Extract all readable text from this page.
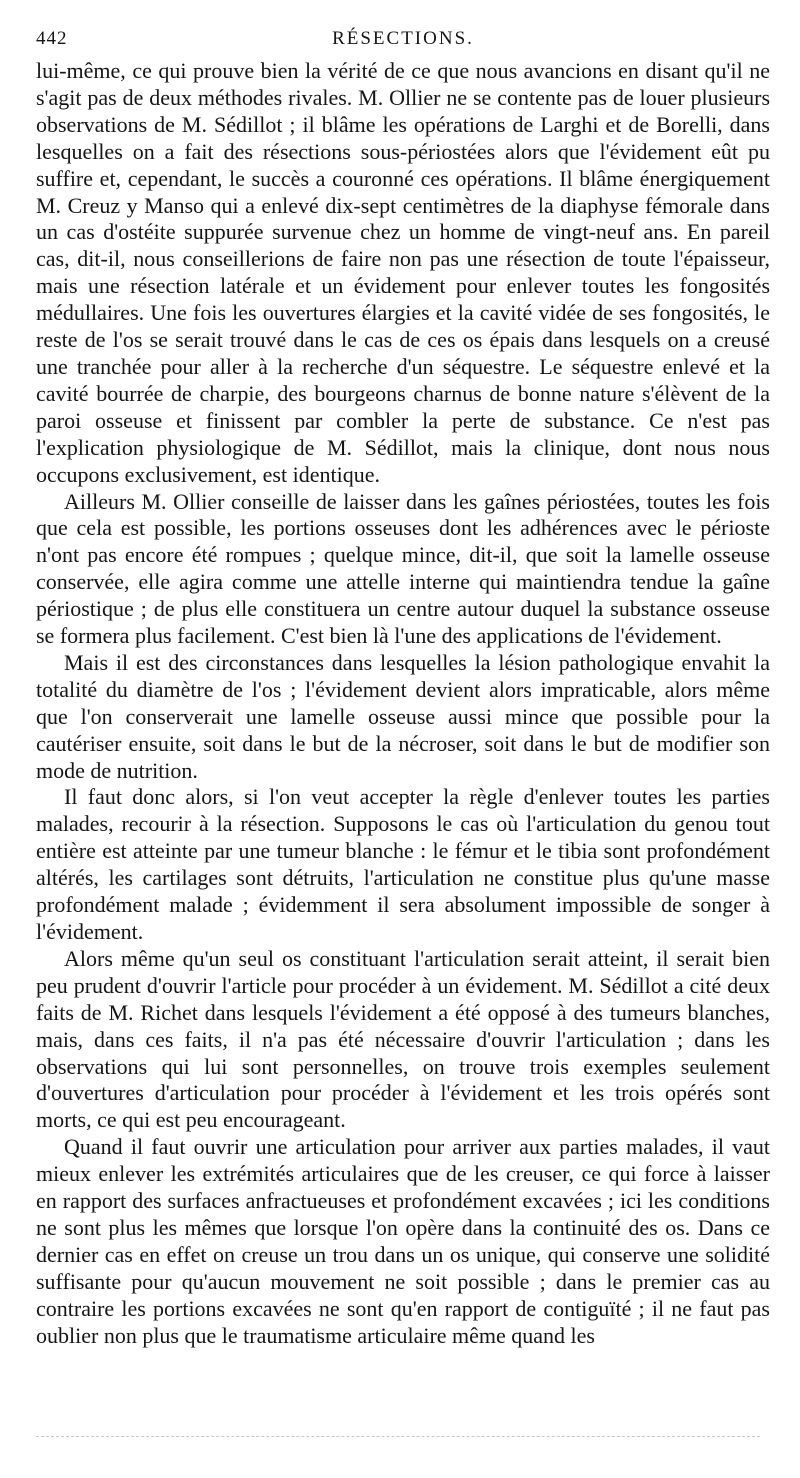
442	RÉSECTIONS.

lui-même, ce qui prouve bien la vérité de ce que nous avancions en disant qu'il ne s'agit pas de deux méthodes rivales. M. Ollier ne se contente pas de louer plusieurs observations de M. Sédillot ; il blâme les opérations de Larghi et de Borelli, dans lesquelles on a fait des résections sous-périostées alors que l'évidement eût pu suffire et, cependant, le succès a couronné ces opérations. Il blâme énergiquement M. Creuz y Manso qui a enlevé dix-sept centimètres de la diaphyse fémorale dans un cas d'ostéite suppurée survenue chez un homme de vingt-neuf ans. En pareil cas, dit-il, nous conseillerions de faire non pas une résection de toute l'épaisseur, mais une résection latérale et un évidement pour enlever toutes les fongosités médullaires. Une fois les ouvertures élargies et la cavité vidée de ses fongosités, le reste de l'os se serait trouvé dans le cas de ces os épais dans lesquels on a creusé une tranchée pour aller à la recherche d'un séquestre. Le séquestre enlevé et la cavité bourrée de charpie, des bourgeons charnus de bonne nature s'élèvent de la paroi osseuse et finissent par combler la perte de substance. Ce n'est pas l'explication physiologique de M. Sédillot, mais la clinique, dont nous nous occupons exclusivement, est identique.

Ailleurs M. Ollier conseille de laisser dans les gaînes périostées, toutes les fois que cela est possible, les portions osseuses dont les adhérences avec le périoste n'ont pas encore été rompues ; quelque mince, dit-il, que soit la lamelle osseuse conservée, elle agira comme une attelle interne qui maintiendra tendue la gaîne périostique ; de plus elle constituera un centre autour duquel la substance osseuse se formera plus facilement. C'est bien là l'une des applications de l'évidement.

Mais il est des circonstances dans lesquelles la lésion pathologique envahit la totalité du diamètre de l'os ; l'évidement devient alors impraticable, alors même que l'on conserverait une lamelle osseuse aussi mince que possible pour la cautériser ensuite, soit dans le but de la nécroser, soit dans le but de modifier son mode de nutrition.

Il faut donc alors, si l'on veut accepter la règle d'enlever toutes les parties malades, recourir à la résection. Supposons le cas où l'articulation du genou tout entière est atteinte par une tumeur blanche : le fémur et le tibia sont profondément altérés, les cartilages sont détruits, l'articulation ne constitue plus qu'une masse profondément malade ; évidemment il sera absolument impossible de songer à l'évidement.

Alors même qu'un seul os constituant l'articulation serait atteint, il serait bien peu prudent d'ouvrir l'article pour procéder à un évidement. M. Sédillot a cité deux faits de M. Richet dans lesquels l'évidement a été opposé à des tumeurs blanches, mais, dans ces faits, il n'a pas été nécessaire d'ouvrir l'articulation ; dans les observations qui lui sont personnelles, on trouve trois exemples seulement d'ouvertures d'articulation pour procéder à l'évidement et les trois opérés sont morts, ce qui est peu encourageant.

Quand il faut ouvrir une articulation pour arriver aux parties malades, il vaut mieux enlever les extrémités articulaires que de les creuser, ce qui force à laisser en rapport des surfaces anfractueuses et profondément excavées ; ici les conditions ne sont plus les mêmes que lorsque l'on opère dans la continuité des os. Dans ce dernier cas en effet on creuse un trou dans un os unique, qui conserve une solidité suffisante pour qu'aucun mouvement ne soit possible ; dans le premier cas au contraire les portions excavées ne sont qu'en rapport de contiguïté ; il ne faut pas oublier non plus que le traumatisme articulaire même quand les
